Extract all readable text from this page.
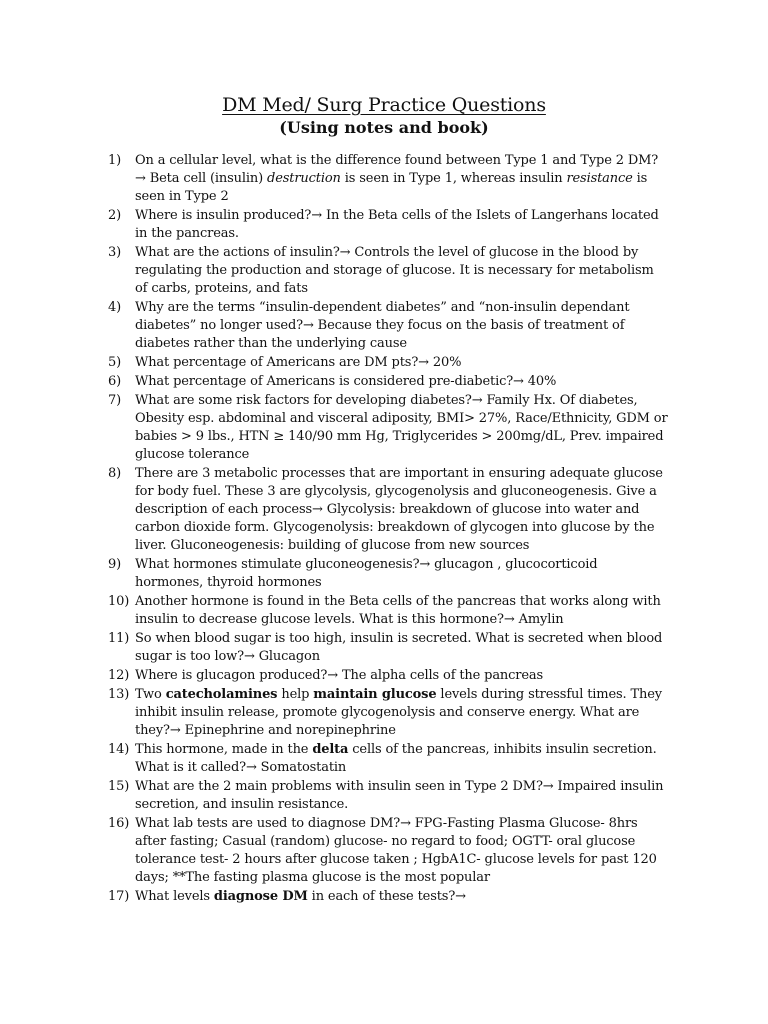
DM Med/ Surg Practice Questions
(Using notes and book)
1)	On a cellular level, what is the difference found between Type 1 and Type 2 DM?→ Beta cell (insulin) destruction is seen in Type 1, whereas insulin resistance is seen in Type 2
2)	Where is insulin produced?→ In the Beta cells of the Islets of Langerhans located in the pancreas.
3)	What are the actions of insulin?→ Controls the level of glucose in the blood by regulating the production and storage of glucose. It is necessary for metabolism of carbs, proteins, and fats
4)	Why are the terms “insulin-dependent diabetes” and “non-insulin dependant diabetes” no longer used?→ Because they focus on the basis of treatment of diabetes rather than the underlying cause
5)	What percentage of Americans are DM pts?→ 20%
6)	What percentage of Americans is considered pre-diabetic?→ 40%
7)	What are some risk factors for developing diabetes?→ Family Hx. Of diabetes, Obesity esp. abdominal and visceral adiposity, BMI> 27%, Race/Ethnicity, GDM or babies > 9 lbs., HTN ≥ 140/90 mm Hg, Triglycerides > 200mg/dL, Prev. impaired glucose tolerance
8)	There are 3 metabolic processes that are important in ensuring adequate glucose for body fuel. These 3 are glycolysis, glycogenolysis and gluconeogenesis. Give a description of each process→ Glycolysis: breakdown of glucose into water and carbon dioxide form. Glycogenolysis: breakdown of glycogen into glucose by the liver. Gluconeogenesis: building of glucose from new sources
9)	What hormones stimulate gluconeogenesis?→ glucagon , glucocorticoid hormones, thyroid hormones
10) Another hormone is found in the Beta cells of the pancreas that works along with insulin to decrease glucose levels. What is this hormone?→ Amylin
11) So when blood sugar is too high, insulin is secreted. What is secreted when blood sugar is too low?→ Glucagon
12) Where is glucagon produced?→ The alpha cells of the pancreas
13) Two catecholamines help maintain glucose levels during stressful times. They inhibit insulin release, promote glycogenolysis and conserve energy. What are they?→ Epinephrine and norepinephrine
14) This hormone, made in the delta cells of the pancreas, inhibits insulin secretion. What is it called?→ Somatostatin
15) What are the 2 main problems with insulin seen in Type 2 DM?→ Impaired insulin secretion, and insulin resistance.
16) What lab tests are used to diagnose DM?→ FPG-Fasting Plasma Glucose- 8hrs after fasting; Casual (random) glucose- no regard to food; OGTT- oral glucose tolerance test- 2 hours after glucose taken ; HgbA1C- glucose levels for past 120 days; **The fasting plasma glucose is the most popular
17) What levels diagnose DM in each of these tests?→
